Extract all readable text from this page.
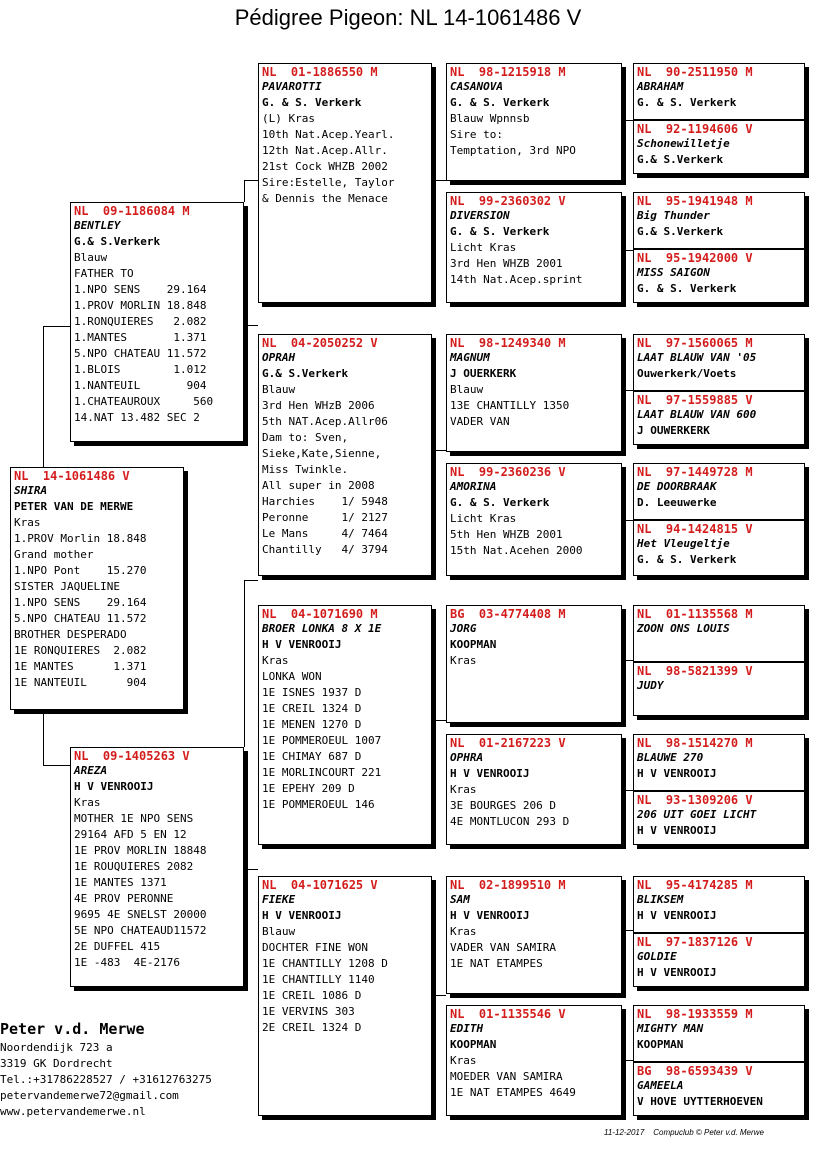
Pédigree Pigeon: NL 14-1061486 V
NL  14-1061486 V
SHIRA
PETER VAN DE MERWE
Kras
1.PROV Morlin 18.848
Grand mother
1.NPO Pont    15.270
SISTER JAQUELINE
1.NPO SENS    29.164
5.NPO CHATEAU 11.572
BROTHER DESPERADO
1E RONQUIERES  2.082
1E MANTES      1.371
1E NANTEUIL      904
NL  09-1186084 M
BENTLEY
G.& S.Verkerk
Blauw
FATHER TO
1.NPO SENS    29.164
1.PROV MORLIN 18.848
1.RONQUIERES   2.082
1.MANTES       1.371
5.NPO CHATEAU 11.572
1.BLOIS        1.012
1.NANTEUIL       904
1.CHATEAUROUX     560
14.NAT 13.482 SEC 2
NL  09-1405263 V
AREZA
H V VENROOIJ
Kras
MOTHER 1E NPO SENS
29164 AFD 5 EN 12
1E PROV MORLIN 18848
1E ROUQUIERES 2082
1E MANTES 1371
4E PROV PERONNE
9695 4E SNELST 20000
5E NPO CHATEAUD11572
2E DUFFEL 415
1E -483  4E-2176
NL  01-1886550 M
PAVAROTTI
G. & S. Verkerk
(L) Kras
10th Nat.Acep.Yearl.
12th Nat.Acep.Allr.
21st Cock WHZB 2002
Sire:Estelle, Taylor
& Dennis the Menace
NL  04-2050252 V
OPRAH
G.& S.Verkerk
Blauw
3rd Hen WHzB 2006
5th NAT.Acep.Allr06
Dam to: Sven,
Sieke,Kate,Sienne,
Miss Twinkle.
All super in 2008
Harchies    1/ 5948
Peronne     1/ 2127
Le Mans     4/ 7464
Chantilly   4/ 3794
NL  04-1071690 M
BROER LONKA 8 X 1E
H V VENROOIJ
Kras
LONKA WON
1E ISNES 1937 D
1E CREIL 1324 D
1E MENEN 1270 D
1E POMMEROEUL 1007
1E CHIMAY 687 D
1E MORLINCOURT 221
1E EPEHY 209 D
1E POMMEROEUL 146
NL  04-1071625 V
FIEKE
H V VENROOIJ
Blauw
DOCHTER FINE WON
1E CHANTILLY 1208 D
1E CHANTILLY 1140
1E CREIL 1086 D
1E VERVINS 303
2E CREIL 1324 D
NL  98-1215918 M
CASANOVA
G. & S. Verkerk
Blauw Wpnnsb
Sire to:
Temptation, 3rd NPO
NL  99-2360302 V
DIVERSION
G. & S. Verkerk
Licht Kras
3rd Hen WHZB 2001
14th Nat.Acep.sprint
NL  98-1249340 M
MAGNUM
J OUERKERK
Blauw
13E CHANTILLY 1350
VADER VAN
NL  99-2360236 V
AMORINA
G. & S. Verkerk
Licht Kras
5th Hen WHZB 2001
15th Nat.Acehen 2000
BG  03-4774408 M
JORG
KOOPMAN
Kras
NL  01-2167223 V
OPHRA
H V VENROOIJ
Kras
3E BOURGES 206 D
4E MONTLUCON 293 D
NL  02-1899510 M
SAM
H V VENROOIJ
Kras
VADER VAN SAMIRA
1E NAT ETAMPES
NL  01-1135546 V
EDITH
KOOPMAN
Kras
MOEDER VAN SAMIRA
1E NAT ETAMPES 4649
NL  90-2511950 M
ABRAHAM
G. & S. Verkerk
NL  92-1194606 V
Schonewilletje
G.& S.Verkerk
NL  95-1941948 M
Big Thunder
G.& S.Verkerk
NL  95-1942000 V
MISS SAIGON
G. & S. Verkerk
NL  97-1560065 M
LAAT BLAUW VAN '05
Ouwerkerk/Voets
NL  97-1559885 V
LAAT BLAUW VAN 600
J OUWERKERK
NL  97-1449728 M
DE DOORBRAAK
D. Leeuwerke
NL  94-1424815 V
Het Vleugeltje
G. & S. Verkerk
NL  01-1135568 M
ZOON ONS LOUIS
NL  98-5821399 V
JUDY
NL  98-1514270 M
BLAUWE 270
H V VENROOIJ
NL  93-1309206 V
206 UIT GOEI LICHT
H V VENROOIJ
NL  95-4174285 M
BLIKSEM
H V VENROOIJ
NL  97-1837126 V
GOLDIE
H V VENROOIJ
NL  98-1933559 M
MIGHTY MAN
KOOPMAN
BG  98-6593439 V
GAMEELA
V HOVE UYTTERHOEVEN
Peter v.d. Merwe
Noordendijk 723 a
3319 GK Dordrecht
Tel.:+31786228527 / +31612763275
petervandemerwe72@gmail.com
www.petervandemerwe.nl
11-12-2017    Compuclub © Peter v.d. Merwe
